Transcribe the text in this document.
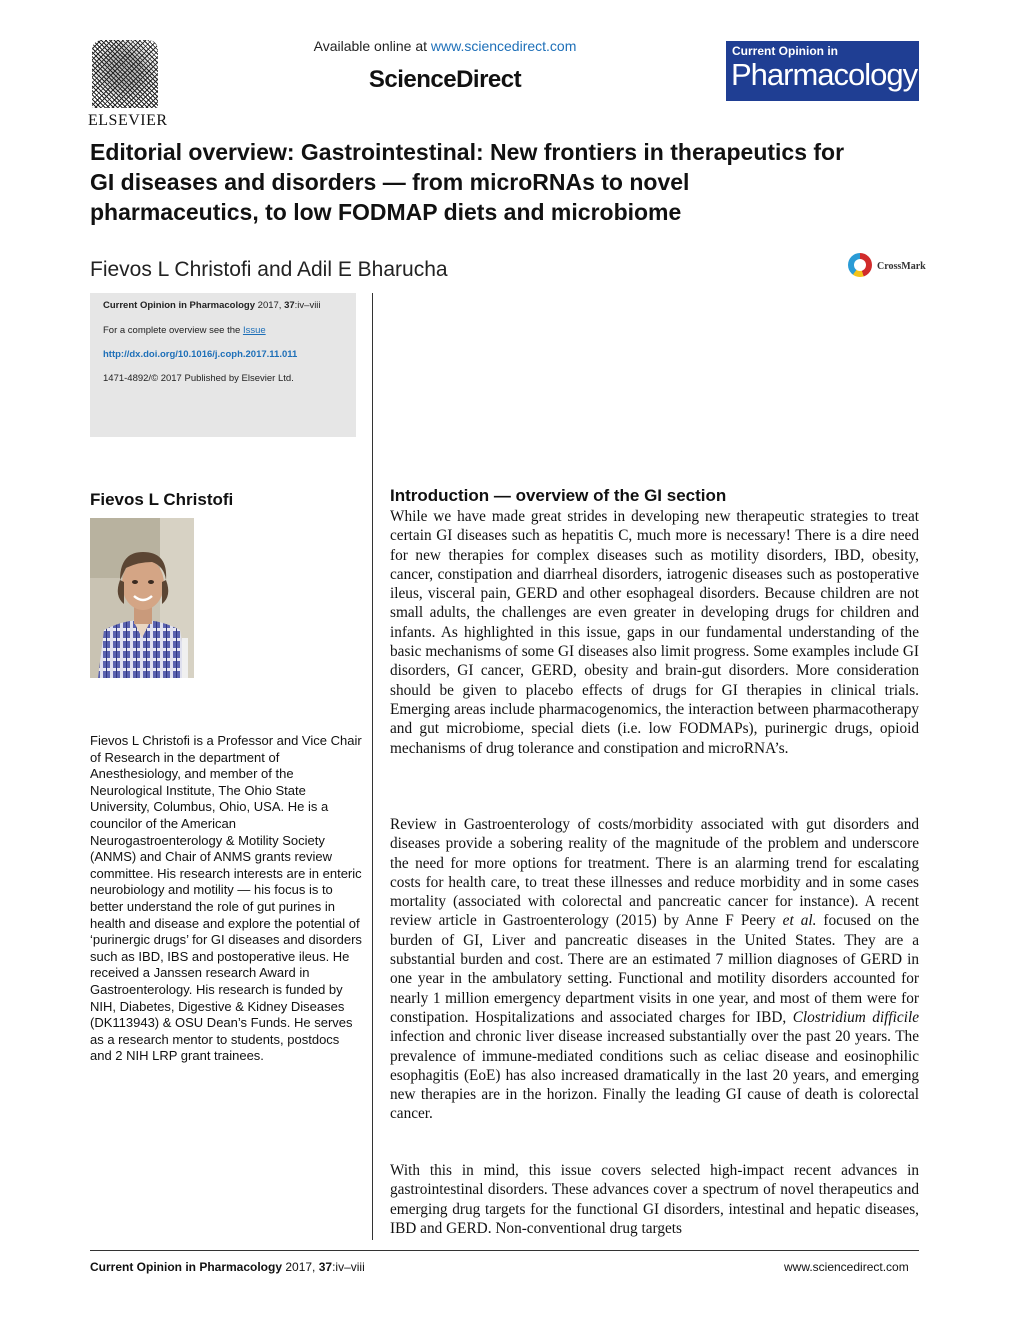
ELSEVIER
Available online at www.sciencedirect.com
ScienceDirect
Current Opinion in
Pharmacology
Editorial overview: Gastrointestinal: New frontiers in therapeutics for GI diseases and disorders — from microRNAs to novel pharmaceutics, to low FODMAP diets and microbiome
Fievos L Christofi and Adil E Bharucha	CrossMark
Current Opinion in Pharmacology 2017, 37:iv–viii
For a complete overview see the Issue
http://dx.doi.org/10.1016/j.coph.2017.11.011
1471-4892/© 2017 Published by Elsevier Ltd.
Fievos L Christofi
Fievos L Christofi is a Professor and Vice Chair of Research in the department of Anesthesiology, and member of the Neurological Institute, The Ohio State University, Columbus, Ohio, USA. He is a councilor of the American Neurogastroenterology & Motility Society (ANMS) and Chair of ANMS grants review committee. His research interests are in enteric neurobiology and motility — his focus is to better understand the role of gut purines in health and disease and explore the potential of ‘purinergic drugs’ for GI diseases and disorders such as IBD, IBS and postoperative ileus. He received a Janssen research Award in Gastroenterology. His research is funded by NIH, Diabetes, Digestive & Kidney Diseases (DK113943) & OSU Dean’s Funds. He serves as a research mentor to students, postdocs and 2 NIH LRP grant trainees.
Introduction — overview of the GI section
While we have made great strides in developing new therapeutic strategies to treat certain GI diseases such as hepatitis C, much more is necessary! There is a dire need for new therapies for complex diseases such as motility disorders, IBD, obesity, cancer, constipation and diarrheal disorders, iatrogenic diseases such as postoperative ileus, visceral pain, GERD and other esophageal disorders. Because children are not small adults, the challenges are even greater in developing drugs for children and infants. As highlighted in this issue, gaps in our fundamental understanding of the basic mechanisms of some GI diseases also limit progress. Some examples include GI disorders, GI cancer, GERD, obesity and brain-gut disorders. More consideration should be given to placebo effects of drugs for GI therapies in clinical trials. Emerging areas include pharmacogenomics, the interaction between pharmacotherapy and gut microbiome, special diets (i.e. low FODMAPs), purinergic drugs, opioid mechanisms of drug tolerance and constipation and microRNA’s.
Review in Gastroenterology of costs/morbidity associated with gut disorders and diseases provide a sobering reality of the magnitude of the problem and underscore the need for more options for treatment. There is an alarming trend for escalating costs for health care, to treat these illnesses and reduce morbidity and in some cases mortality (associated with colorectal and pancreatic cancer for instance). A recent review article in Gastroenterology (2015) by Anne F Peery et al. focused on the burden of GI, Liver and pancreatic diseases in the United States. They are a substantial burden and cost. There are an estimated 7 million diagnoses of GERD in one year in the ambulatory setting. Functional and motility disorders accounted for nearly 1 million emergency department visits in one year, and most of them were for constipation. Hospitalizations and associated charges for IBD, Clostridium difficile infection and chronic liver disease increased substantially over the past 20 years. The prevalence of immune-mediated conditions such as celiac disease and eosinophilic esophagitis (EoE) has also increased dramatically in the last 20 years, and emerging new therapies are in the horizon. Finally the leading GI cause of death is colorectal cancer.
With this in mind, this issue covers selected high-impact recent advances in gastrointestinal disorders. These advances cover a spectrum of novel therapeutics and emerging drug targets for the functional GI disorders, intestinal and hepatic diseases, IBD and GERD. Non-conventional drug targets
Current Opinion in Pharmacology 2017, 37:iv–viii	www.sciencedirect.com
